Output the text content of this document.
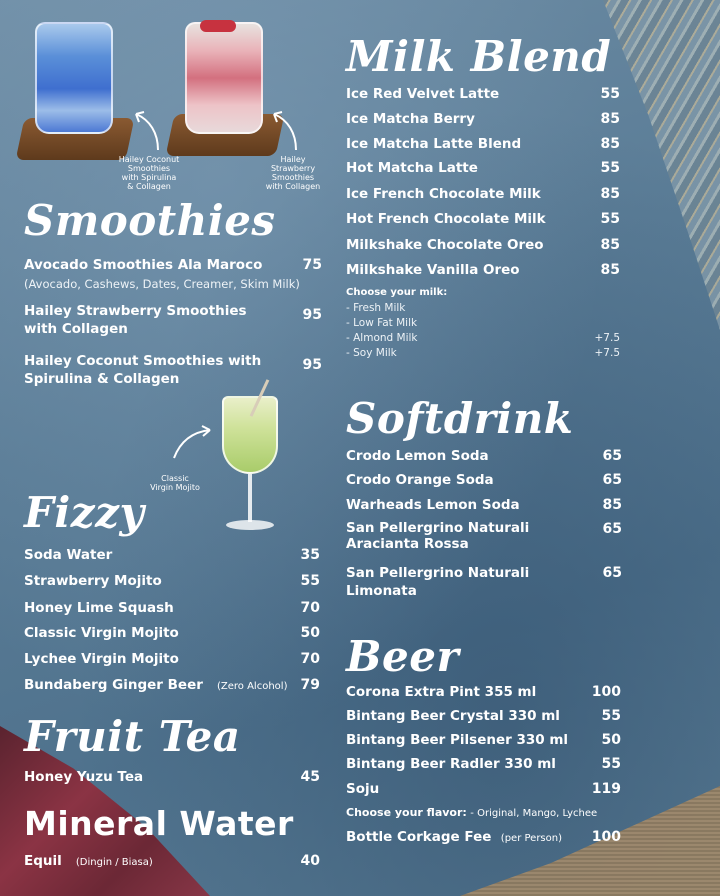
Hailey Coconut
Smoothies
with Spirulina
& Collagen
Hailey
Strawberry
Smoothies
with Collagen
Smoothies
Avocado Smoothies Ala Maroco	75
(Avocado, Cashews, Dates, Creamer, Skim Milk)
Hailey Strawberry Smoothies
with Collagen
95
Hailey Coconut Smoothies with
Spirulina & Collagen
95
Classic
Virgin Mojito
Fizzy
Soda Water	35
Strawberry Mojito	55
Honey Lime Squash	70
Classic Virgin Mojito	50
Lychee Virgin Mojito	70
Bundaberg Ginger Beer (Zero Alcohol) 79
Fruit Tea
Honey Yuzu Tea	45
Mineral Water
Equil (Dingin / Biasa)	40
Milk Blend
Ice Red Velvet Latte	55
Ice Matcha Berry	85
Ice Matcha Latte Blend	85
Hot Matcha Latte	55
Ice French Chocolate Milk	85
Hot French Chocolate Milk	55
Milkshake Chocolate Oreo	85
Milkshake Vanilla Oreo	85
Choose your milk:
- Fresh Milk
- Low Fat Milk
- Almond Milk	+7.5
- Soy Milk	+7.5
Softdrink
Crodo Lemon Soda	65
Crodo Orange Soda	65
Warheads Lemon Soda	85
San Pellergrino Naturali
Aracianta Rossa
65
San Pellergrino Naturali Limonata
65
Beer
Corona Extra Pint 355 ml	100
Bintang Beer Crystal 330 ml	55
Bintang Beer Pilsener 330 ml 50
Bintang Beer Radler 330 ml	55
Soju	119
Choose your flavor: - Original, Mango, Lychee
Bottle Corkage Fee (per Person) 100
